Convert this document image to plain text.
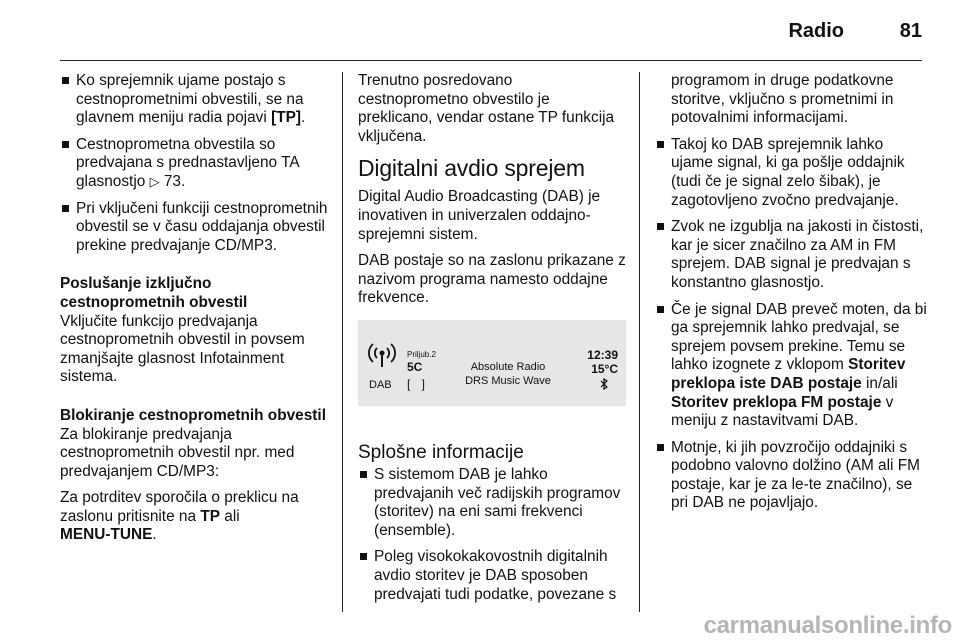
Radio	81
Ko sprejemnik ujame postajo s cestnoprometnimi obvestili, se na glavnem meniju radia pojavi [TP].
Cestnoprometna obvestila so predvajana s prednastavljeno TA glasnostjo ▷ 73.
Pri vključeni funkciji cestnoprometnih obvestil se v času oddajanja obvestil prekine predvajanje CD/MP3.
Poslušanje izključno
cestnoprometnih obvestil

Vključite funkcijo predvajanja cestnoprometnih obvestil in povsem zmanjšajte glasnost Infotainment sistema.

Blokiranje cestnoprometnih obvestil

Za blokiranje predvajanja cestnoprometnih obvestil npr. med predvajanjem CD/MP3:

Za potrditev sporočila o preklicu na zaslonu pritisnite na TP ali
MENU-TUNE.

Trenutno posredovano cestnoprometno obvestilo je preklicano, vendar ostane TP funkcija vključena.

Digitalni avdio sprejem

Digital Audio Broadcasting (DAB) je inovativen in univerzalen oddajno-sprejemni sistem.

DAB postaje so na zaslonu prikazane z nazivom programa namesto oddajne frekvence.

DAB
Priljub.2
5C
[ ]
Absolute Radio
DRS Music Wave
12:39
15°C
Splošne informacije
S sistemom DAB je lahko predvajanih več radijskih programov (storitev) na eni sami frekvenci (ensemble).
Poleg visokokakovostnih digitalnih avdio storitev je DAB sposoben predvajati tudi podatke, povezane s

programom in druge podatkovne storitve, vključno s prometnimi in potovalnimi informacijami.

Takoj ko DAB sprejemnik lahko ujame signal, ki ga pošlje oddajnik (tudi če je signal zelo šibak), je zagotovljeno zvočno predvajanje.
Zvok ne izgublja na jakosti in čistosti, kar je sicer značilno za AM in FM sprejem. DAB signal je predvajan s konstantno glasnostjo.
Če je signal DAB preveč moten, da bi ga sprejemnik lahko predvajal, se sprejem povsem prekine. Temu se lahko izognete z vklopom Storitev preklopa iste DAB postaje in/ali Storitev preklopa FM postaje v meniju z nastavitvami DAB.
Motnje, ki jih povzročijo oddajniki s podobno valovno dolžino (AM ali FM postaje, kar je za le-te značilno), se pri DAB ne pojavljajo.
carmanualsonline.info
